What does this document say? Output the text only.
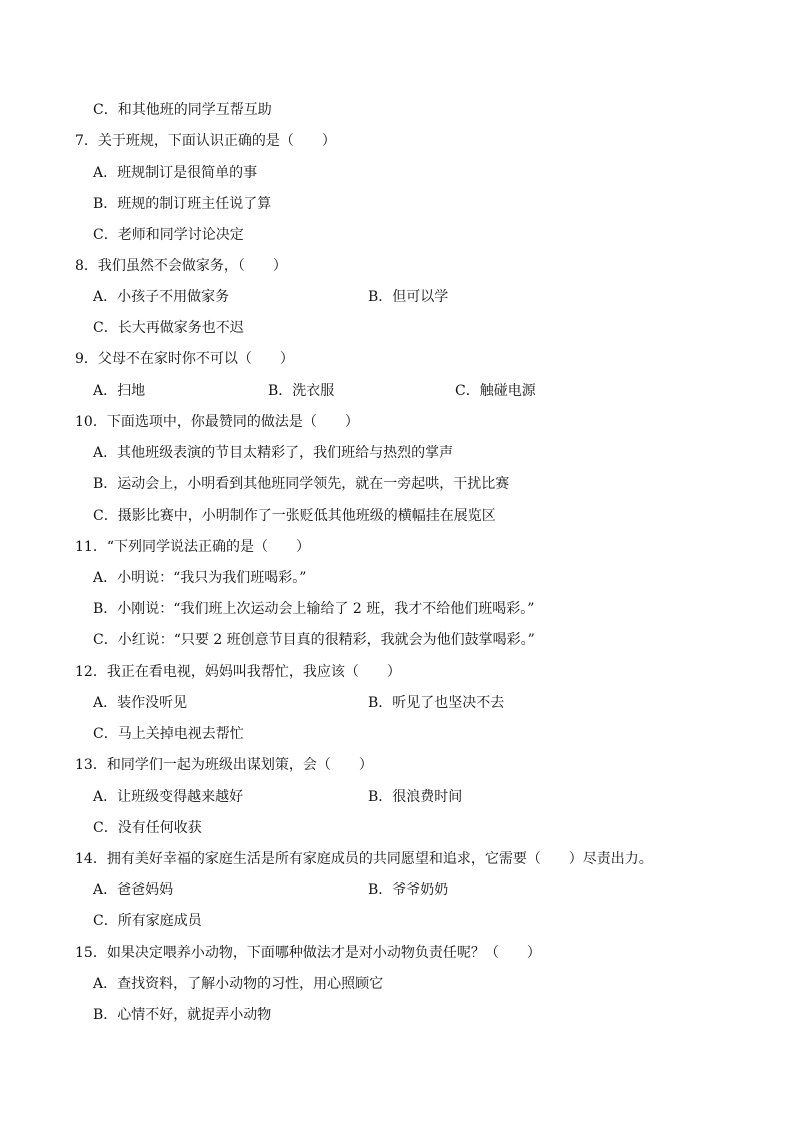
C．和其他班的同学互帮互助
7．关于班规，下面认识正确的是（　　）
A．班规制订是很简单的事
B．班规的制订班主任说了算
C．老师和同学讨论决定
8．我们虽然不会做家务，（　　）
A．小孩子不用做家务	B．但可以学
C．长大再做家务也不迟
9．父母不在家时你不可以（　　）
A．扫地	B．洗衣服	C．触碰电源
10．下面选项中，你最赞同的做法是（　　）
A．其他班级表演的节目太精彩了，我们班给与热烈的掌声
B．运动会上，小明看到其他班同学领先，就在一旁起哄，干扰比赛
C．摄影比赛中，小明制作了一张贬低其他班级的横幅挂在展览区
11．“下列同学说法正确的是（　　）
A．小明说：“我只为我们班喝彩。”
B．小刚说：“我们班上次运动会上输给了 2 班，我才不给他们班喝彩。”
C．小红说：“只要 2 班创意节目真的很精彩，我就会为他们鼓掌喝彩。”
12．我正在看电视，妈妈叫我帮忙，我应该（　　）
A．装作没听见	B．听见了也坚决不去
C．马上关掉电视去帮忙
13．和同学们一起为班级出谋划策，会（　　）
A．让班级变得越来越好	B．很浪费时间
C．没有任何收获
14．拥有美好幸福的家庭生活是所有家庭成员的共同愿望和追求，它需要（　　）尽责出力。
A．爸爸妈妈	B．爷爷奶奶
C．所有家庭成员
15．如果决定喂养小动物，下面哪种做法才是对小动物负责任呢？（　　）
A．查找资料，了解小动物的习性，用心照顾它
B．心情不好，就捉弄小动物
